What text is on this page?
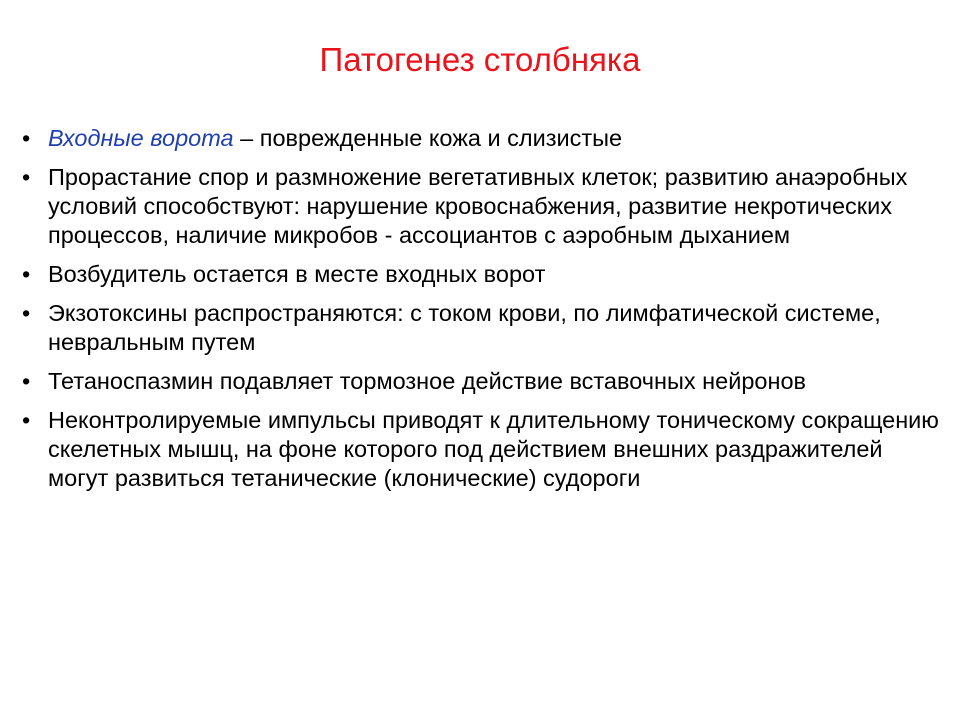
Патогенез столбняка
• Входные ворота – поврежденные кожа и слизистые
• Прорастание спор и размножение вегетативных клеток; развитию анаэробных условий способствуют: нарушение кровоснабжения, развитие некротических процессов, наличие микробов - ассоциантов с аэробным дыханием
• Возбудитель остается в месте входных ворот
• Экзотоксины распространяются: с током крови, по лимфатической системе, невральным путем
• Тетаноспазмин подавляет тормозное действие вставочных нейронов
• Неконтролируемые импульсы приводят к длительному тоническому сокращению скелетных мышц, на фоне которого под действием внешних раздражителей могут развиться тетанические (клонические) судороги
